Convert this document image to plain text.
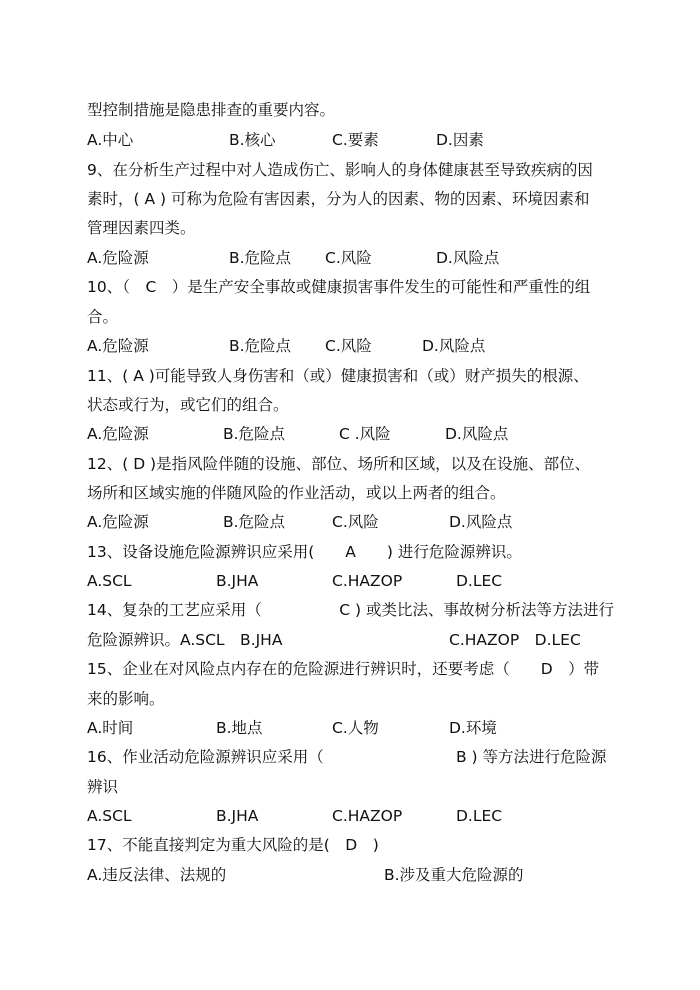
型控制措施是隐患排查的重要内容。

A.中心

	B.核心

	C.要素

	D.因素

9、在分析生产过程中对人造成伤亡、影响人的身体健康甚至导致疾病的因

素时，( A ) 可称为危险有害因素，分为人的因素、物的因素、环境因素和

管理因素四类。

A.危险源

	B.危险点

C.风险

	D.风险点

10、（　C　）是生产安全事故或健康损害事件发生的可能性和严重性的组

合。

A.危险源

	B.危险点

C.风险

	D.风险点

11、( A )可能导致人身伤害和（或）健康损害和（或）财产损失的根源、

状态或行为，或它们的组合。

A.危险源

	B.危险点

	C .风险

	D.风险点

12、( D )是指风险伴随的设施、部位、场所和区域，以及在设施、部位、

场所和区域实施的伴随风险的作业活动，或以上两者的组合。

A.危险源

	B.危险点

	C.风险

	D.风险点

13、设备设施危险源辨识应采用(　　A　　) 进行危险源辨识。

A.SCL

	B.JHA

	C.HAZOP

	D.LEC

14、复杂的工艺应采用（　　　　　C ) 或类比法、事故树分析法等方法进行

危险源辨识。A.SCL　B.JHA

	C.HAZOP　D.LEC

15、企业在对风险点内存在的危险源进行辨识时，还要考虑（　　D　）带

来的影响。

A.时间

	B.地点

	C.人物

	D.环境

16、作业活动危险源辨识应采用（

	B ) 等方法进行危险源

辨识

A.SCL

	B.JHA

	C.HAZOP

	D.LEC

17、不能直接判定为重大风险的是(　D　)

A.违反法律、法规的

	B.涉及重大危险源的
